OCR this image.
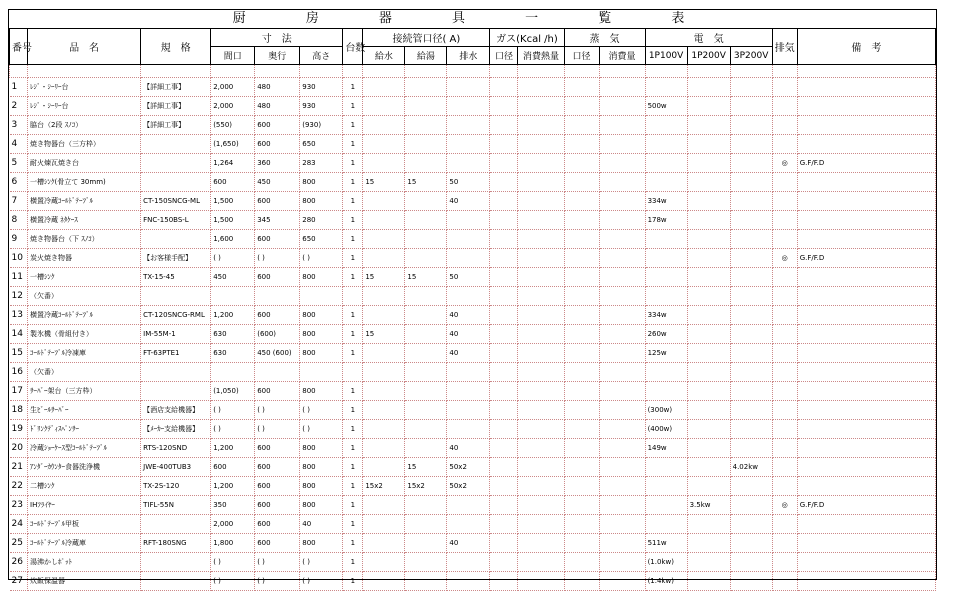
厨 房 器 具 一 覧 表
番号	品　名	規　格	寸　法			台数	接続管口径( A)			ガス(Kcal /h)		蒸　気		電　気			排気	備　考
			間口	奥行	高さ		給水	給湯	排水	口径	消費熱量	口径	消費量	1P100V	1P200V	3P200V		

1	ﾚｼﾞ・ｼｰﾘｰ台	【詳細工事】	2,000	480	930	1												
2	ﾚｼﾞ・ｼｰﾘｰ台	【詳細工事】	2,000	480	930	1								500w				
3	脇台（2段 ｽﾉｺ）	【詳細工事】	(550)	600	(930)	1												
4	焼き物器台（三方枠）		(1,650)	600	650	1												
5	耐火煉瓦焼き台		1,264	360	283	1											◎	G.F/F.D
6	一槽ｼﾝｸ(骨立て 30mm)		600	450	800	1	15	15	50									
7	横置冷蔵ｺｰﾙﾄﾞﾃｰﾌﾞﾙ	CT-150SNCG-ML	1,500	600	800	1			40					334w				
8	横置冷蔵 ﾈﾀｹｰｽ	FNC-150BS-L	1,500	345	280	1								178w				
9	焼き物器台（下 ｽﾉｺ）		1,600	600	650	1												
10	炭火焼き物器	【お客様手配】	( )	( )	( )	1											◎	G.F/F.D
11	一槽ｼﾝｸ	TX-15-45	450	600	800	1	15	15	50									
12	（欠番）																	
13	横置冷蔵ｺｰﾙﾄﾞﾃｰﾌﾞﾙ	CT-120SNCG-RML	1,200	600	800	1			40					334w				
14	製氷機（骨組付き）	IM-55M-1	630	(600)	800	1	15		40					260w				
15	ｺｰﾙﾄﾞﾃｰﾌﾞﾙ冷凍庫	FT-63PTE1	630	450 (600)	800	1			40					125w				
16	（欠番）																	
17	ｻｰﾊﾞｰ架台（三方枠）		(1,050)	600	800	1												
18	生ﾋﾞｰﾙｻｰﾊﾞｰ	【酒店支給機器】	( )	( )	( )	1								(300w)				
19	ﾄﾞﾘﾝｸﾃﾞｨｽﾍﾟﾝｻｰ	【ﾒｰｶｰ支給機器】	( )	( )	( )	1								(400w)				
20	冷蔵ｼｮｰｹｰｽ型ｺｰﾙﾄﾞﾃｰﾌﾞﾙ	RTS-120SND	1,200	600	800	1			40					149w				
21	ｱﾝﾀﾞｰｶｳﾝﾀｰ食器洗浄機	JWE-400TUB3	600	600	800	1		15	50x2							4.02kw		
22	二槽ｼﾝｸ	TX-2S-120	1,200	600	800	1	15x2	15x2	50x2									
23	IHﾌﾗｲﾔｰ	TIFL-55N	350	600	800	1									3.5kw		◎	G.F/F.D
24	ｺｰﾙﾄﾞﾃｰﾌﾞﾙ甲板		2,000	600	40	1												
25	ｺｰﾙﾄﾞﾃｰﾌﾞﾙ冷蔵庫	RFT-180SNG	1,800	600	800	1			40					511w				
26	湯沸かしﾎﾟｯﾄ		( )	( )	( )	1								(1.0kw)				
27	炊飯保温器		( )	( )	( )	1								(1.4kw)				
